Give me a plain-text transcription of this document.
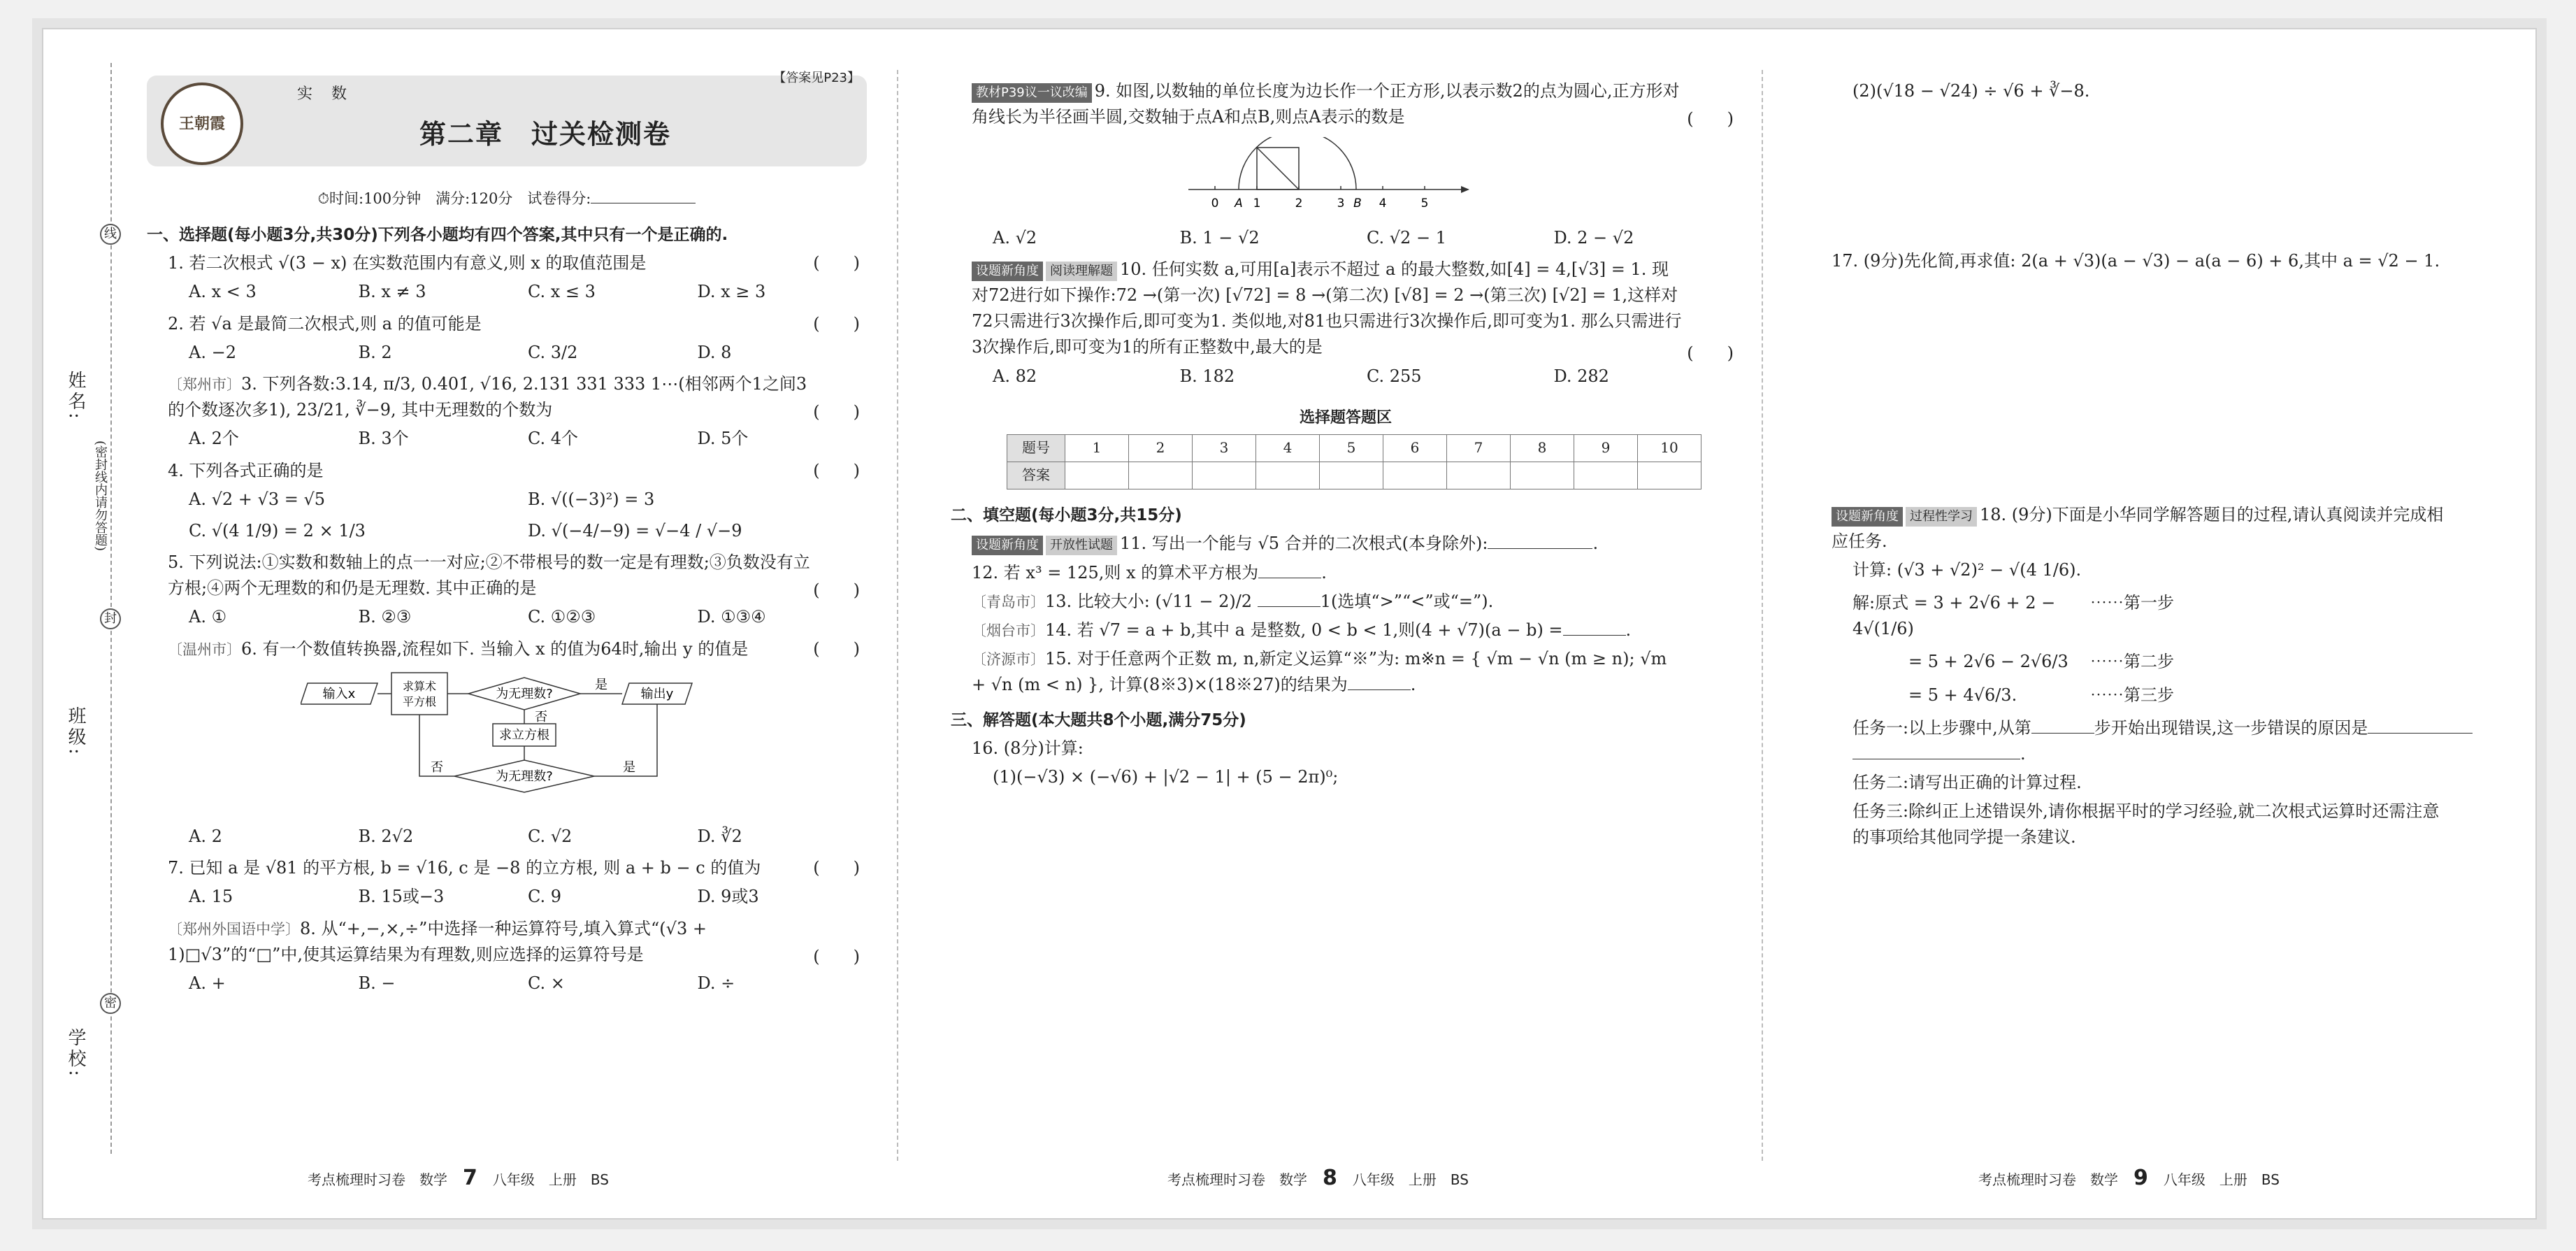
姓名:
(密封线内请勿答题)
班级:
学校:
线
封
密
王朝霞
实 数
第二章　过关检测卷
【答案见P23】
⏱时间:100分钟　满分:120分　试卷得分:
一、选择题(每小题3分,共30分)下列各小题均有四个答案,其中只有一个是正确的.
1. 若二次根式 √(3 − x) 在实数范围内有意义,则 x 的取值范围是	(　　)
A. x < 3	B. x ≠ 3	C. x ≤ 3	D. x ≥ 3
2. 若 √a 是最简二次根式,则 a 的值可能是	(　　)
A. −2	B. 2	C. 3/2	D. 8
〔郑州市〕3. 下列各数:3.14, π/3, 0.4̇01̇, √16, 2.131 331 333 1⋯(相邻两个1之间3的个数逐次多1), 23/21, ∛−9, 其中无理数的个数为	(　　)
A. 2个	B. 3个	C. 4个	D. 5个
4. 下列各式正确的是	(　　)
A. √2 + √3 = √5	B. √((−3)²) = 3
C. √(4 1/9) = 2 × 1/3	D. √(−4/−9) = √−4 / √−9
5. 下列说法:①实数和数轴上的点一一对应;②不带根号的数一定是有理数;③负数没有立方根;④两个无理数的和仍是无理数. 其中正确的是	(　　)
A. ①	B. ②③	C. ①②③	D. ①③④
〔温州市〕6. 有一个数值转换器,流程如下. 当输入 x 的值为64时,输出 y 的值是	(　　)
输入x
求算术
平方根
为无理数?
是
输出y
否
求立方根
为无理数?
是
否
A. 2	B. 2√2	C. √2	D. ∛2
7. 已知 a 是 √81 的平方根, b = √16, c 是 −8 的立方根, 则 a + b − c 的值为	(　　)
A. 15	B. 15或−3	C. 9	D. 9或3
〔郑州外国语中学〕8. 从“+,−,×,÷”中选择一种运算符号,填入算式“(√3 + 1)□√3”的“□”中,使其运算结果为有理数,则应选择的运算符号是	(　　)
A. +	B. −	C. ×	D. ÷
教材P39议一议改编 9. 如图,以数轴的单位长度为边长作一个正方形,以表示数2的点为圆心,正方形对角线长为半径画半圆,交数轴于点A和点B,则点A表示的数是	(　　)
0 A 1	2	3 B 4	5
A. √2	B. 1 − √2	C. √2 − 1	D. 2 − √2
设题新角度 阅读理解题 10. 任何实数 a,可用[a]表示不超过 a 的最大整数,如[4] = 4,[√3] = 1. 现对72进行如下操作:72 →(第一次) [√72] = 8 →(第二次) [√8] = 2 →(第三次) [√2] = 1,这样对72只需进行3次操作后,即可变为1. 类似地,对81也只需进行3次操作后,即可变为1. 那么只需进行3次操作后,即可变为1的所有正整数中,最大的是	(　　)
A. 82	B. 182	C. 255	D. 282
选择题答题区
题号	1	2	3	4	5	6	7	8	9	10
答案										
二、填空题(每小题3分,共15分)
设题新角度 开放性试题 11. 写出一个能与 √5 合并的二次根式(本身除外):	.
12. 若 x³ = 125,则 x 的算术平方根为	.
〔青岛市〕13. 比较大小: (√11 − 2)/2	1(选填“>”“<”或“=”).
〔烟台市〕14. 若 √7 = a + b,其中 a 是整数, 0 < b < 1,则(4 + √7)(a − b) =	.
〔济源市〕15. 对于任意两个正数 m, n,新定义运算“※”为: m※n = { √m − √n (m ≥ n); √m + √n (m < n) }, 计算(8※3)×(18※27)的结果为	.
三、解答题(本大题共8个小题,满分75分)
16. (8分)计算:
(1)(−√3) × (−√6) + |√2 − 1| + (5 − 2π)⁰;
(2)(√18 − √24) ÷ √6 + ∛−8.
17. (9分)先化简,再求值: 2(a + √3)(a − √3) − a(a − 6) + 6,其中 a = √2 − 1.
设题新角度 过程性学习 18. (9分)下面是小华同学解答题目的过程,请认真阅读并完成相应任务.
计算: (√3 + √2)² − √(4 1/6).
解:原式 = 3 + 2√6 + 2 − 4√(1/6)
⋯⋯第一步
= 5 + 2√6 − 2√6/3	⋯⋯第二步
= 5 + 4√6/3.	⋯⋯第三步
任务一:以上步骤中,从第	步开始出现错误,这一步错误的原因是
.
任务二:请写出正确的计算过程.
任务三:除纠正上述错误外,请你根据平时的学习经验,就二次根式运算时还需注意的事项给其他同学提一条建议.
考点梳理时习卷　数学 7 八年级　上册　BS	考点梳理时习卷　数学 8 八年级　上册　BS	考点梳理时习卷　数学 9 八年级　上册　BS
